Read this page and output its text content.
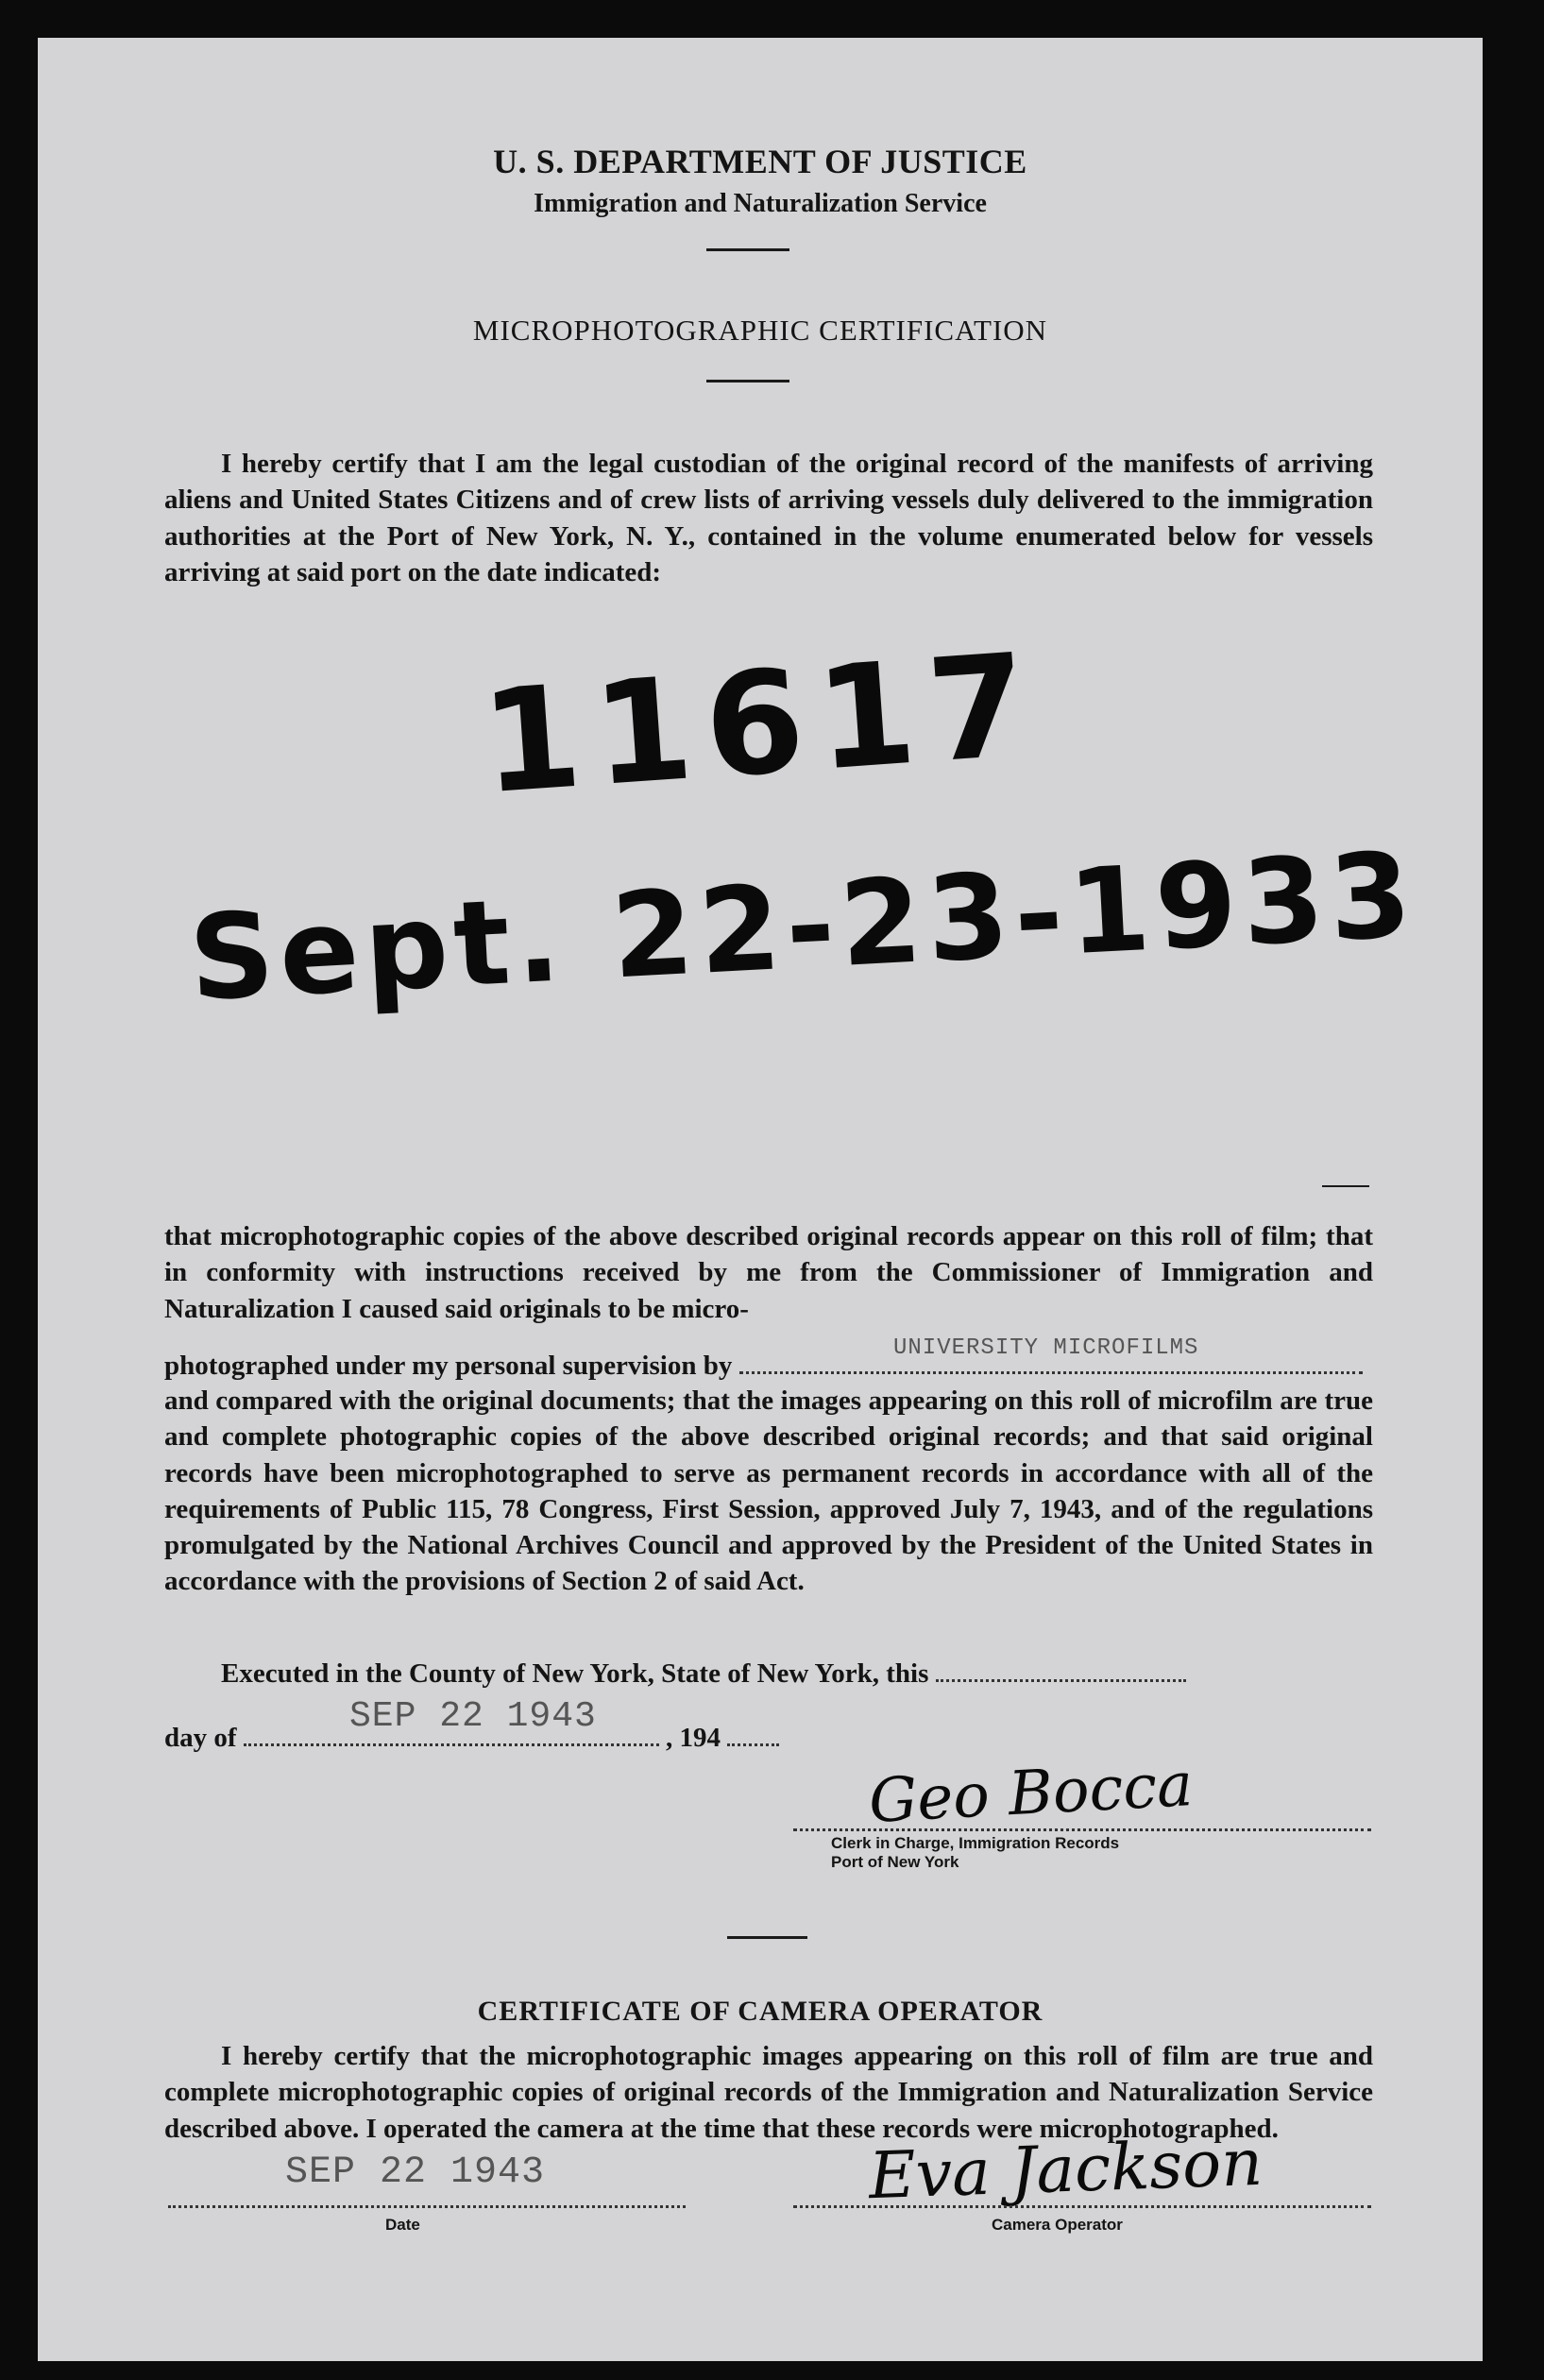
U. S. DEPARTMENT OF JUSTICE
Immigration and Naturalization Service
MICROPHOTOGRAPHIC CERTIFICATION
I hereby certify that I am the legal custodian of the original record of the manifests of arriving aliens and United States Citizens and of crew lists of arriving vessels duly delivered to the immigration authorities at the Port of New York, N. Y., contained in the volume enumerated below for vessels arriving at said port on the date indicated:
11617
Sept. 22-23-1933
that microphotographic copies of the above described original records appear on this roll of film; that in conformity with instructions received by me from the Commissioner of Immigration and Naturalization I caused said originals to be micro-
photographed under my personal supervision by
UNIVERSITY MICROFILMS
and compared with the original documents; that the images appearing on this roll of microfilm are true and complete photographic copies of the above described original records; and that said original records have been microphotographed to serve as permanent records in accordance with all of the requirements of Public 115, 78 Congress, First Session, approved July 7, 1943, and of the regulations promulgated by the National Archives Council and approved by the President of the United States in accordance with the provisions of Section 2 of said Act.
Executed in the County of New York, State of New York, this
day of	, 194
SEP 22 1943
Geo Bocca
Clerk in Charge, Immigration Records
Port of New York
CERTIFICATE OF CAMERA OPERATOR
I hereby certify that the microphotographic images appearing on this roll of film are true and complete microphotographic copies of original records of the Immigration and Naturalization Service described above. I operated the camera at the time that these records were microphotographed.
SEP 22 1943
Date
Eva Jackson
Camera Operator
